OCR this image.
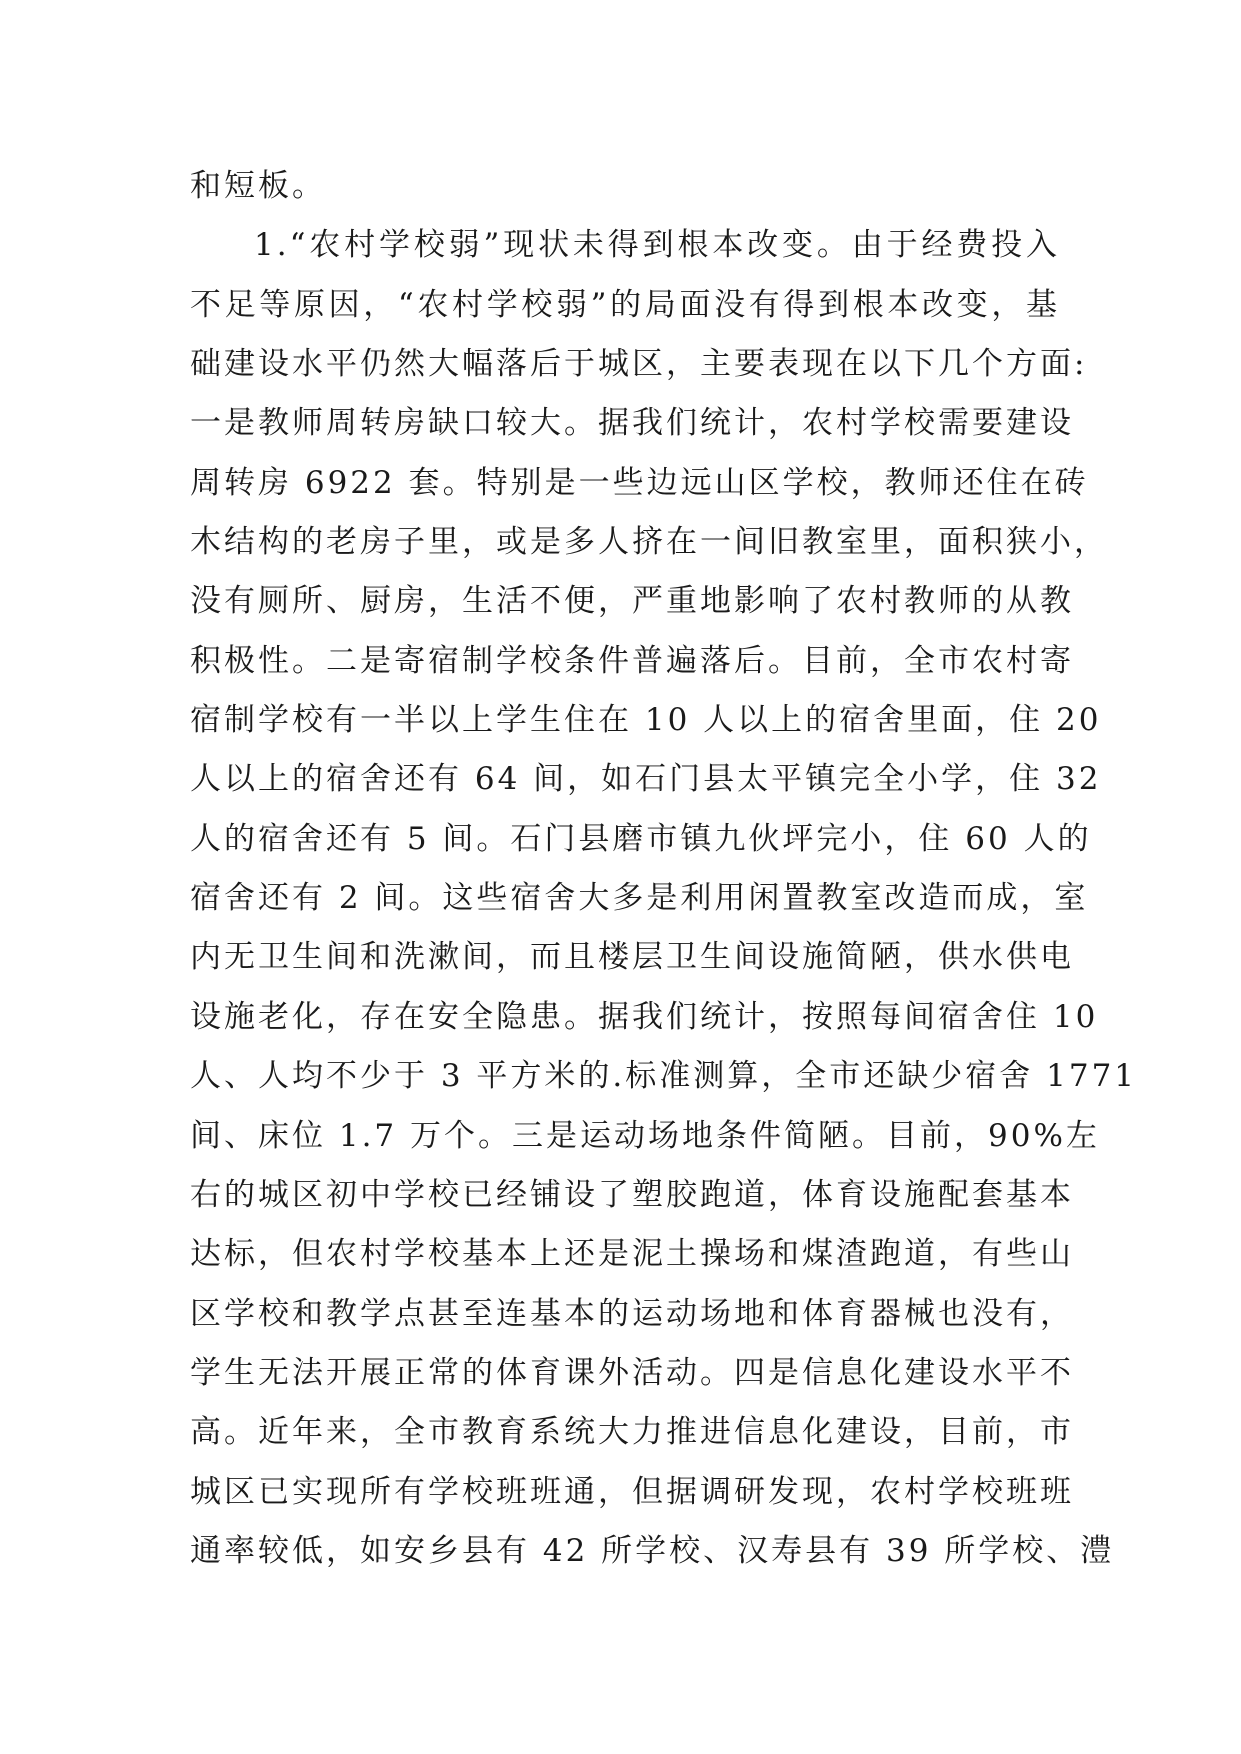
和短板。
1.“农村学校弱”现状未得到根本改变。由于经费投入
不足等原因，“农村学校弱”的局面没有得到根本改变，基
础建设水平仍然大幅落后于城区，主要表现在以下几个方面:
一是教师周转房缺口较大。据我们统计，农村学校需要建设
周转房 6922 套。特别是一些边远山区学校，教师还住在砖
木结构的老房子里，或是多人挤在一间旧教室里，面积狭小，
没有厕所、厨房，生活不便，严重地影响了农村教师的从教
积极性。二是寄宿制学校条件普遍落后。目前，全市农村寄
宿制学校有一半以上学生住在 10 人以上的宿舍里面，住 20
人以上的宿舍还有 64 间，如石门县太平镇完全小学，住 32
人的宿舍还有 5 间。石门县磨市镇九伙坪完小，住 60 人的
宿舍还有 2 间。这些宿舍大多是利用闲置教室改造而成，室
内无卫生间和洗漱间，而且楼层卫生间设施简陋，供水供电
设施老化，存在安全隐患。据我们统计，按照每间宿舍住 10
人、人均不少于 3 平方米的.标准测算，全市还缺少宿舍 1771
间、床位 1.7 万个。三是运动场地条件简陋。目前，90%左
右的城区初中学校已经铺设了塑胶跑道，体育设施配套基本
达标，但农村学校基本上还是泥土操场和煤渣跑道，有些山
区学校和教学点甚至连基本的运动场地和体育器械也没有，
学生无法开展正常的体育课外活动。四是信息化建设水平不
高。近年来，全市教育系统大力推进信息化建设，目前，市
城区已实现所有学校班班通，但据调研发现，农村学校班班
通率较低，如安乡县有 42 所学校、汉寿县有 39 所学校、澧
